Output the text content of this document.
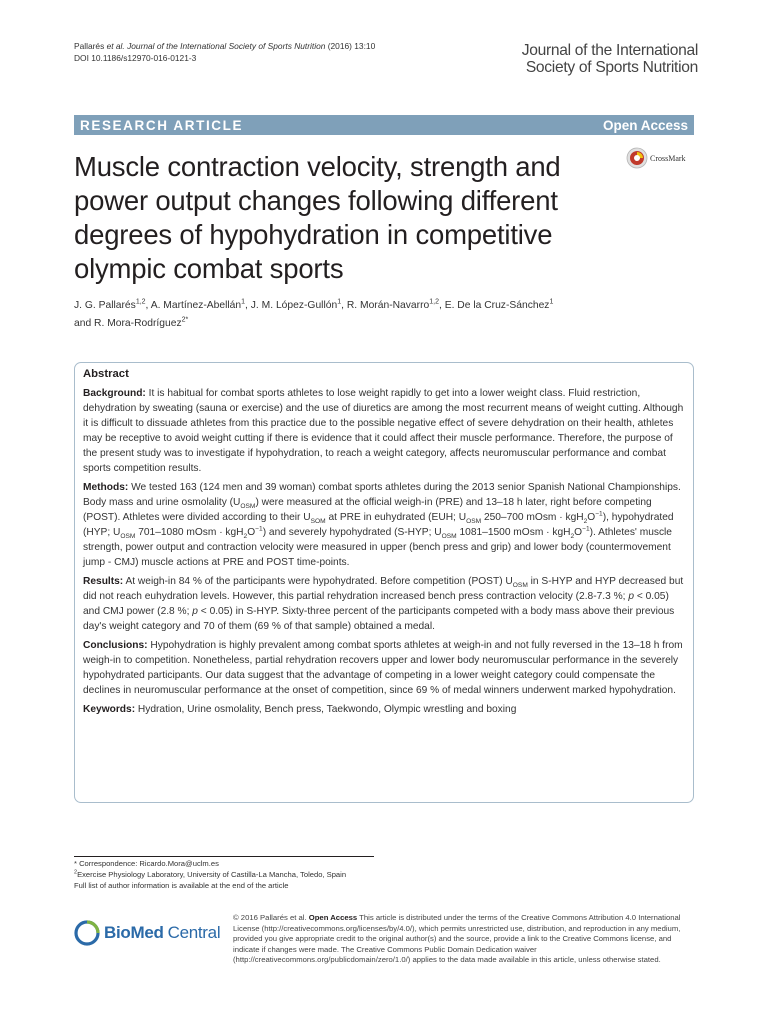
Pallarés et al. Journal of the International Society of Sports Nutrition (2016) 13:10
DOI 10.1186/s12970-016-0121-3	Journal of the International
Society of Sports Nutrition
RESEARCH ARTICLE	Open Access
CrossMark
Muscle contraction velocity, strength and power output changes following different degrees of hypohydration in competitive olympic combat sports
J. G. Pallarés$^{1,2}$, A. Martínez-Abellán$^1$, J. M. López-Gullón$^1$, R. Morán-Navarro$^{1,2}$, E. De la Cruz-Sánchez$^1$
and R. Mora-Rodríguez$^{2*}$
Abstract

Background: It is habitual for combat sports athletes to lose weight rapidly to get into a lower weight class. Fluid restriction, dehydration by sweating (sauna or exercise) and the use of diuretics are among the most recurrent means of weight cutting. Although it is difficult to dissuade athletes from this practice due to the possible negative effect of severe dehydration on their health, athletes may be receptive to avoid weight cutting if there is evidence that it could affect their muscle performance. Therefore, the purpose of the present study was to investigate if hypohydration, to reach a weight category, affects neuromuscular performance and combat sports competition results.

Methods: We tested 163 (124 men and 39 woman) combat sports athletes during the 2013 senior Spanish National Championships. Body mass and urine osmolality $(U_{OSM})$ were measured at the official weigh-in (PRE) and 13–18 h later, right before competing (POST). Athletes were divided according to their $U_{SOM}$ at PRE in euhydrated (EUH; $U_{OSM}$ 250–700 mOsm · $kgH_2O^{-1}$), hypohydrated (HYP; $U_{OSM}$ 701–1080 mOsm · $kgH_2O^{-1}$) and severely hypohydrated (S-HYP; $U_{OSM}$ 1081–1500 mOsm · $kgH_2O^{-1}$). Athletes' muscle strength, power output and contraction velocity were measured in upper (bench press and grip) and lower body (countermovement jump - CMJ) muscle actions at PRE and POST time-points.

Results: At weigh-in 84 % of the participants were hypohydrated. Before competition (POST) $U_{OSM}$ in S-HYP and HYP decreased but did not reach euhydration levels. However, this partial rehydration increased bench press contraction velocity (2.8-7.3 %; p < 0.05) and CMJ power (2.8 %; p < 0.05) in S-HYP. Sixty-three percent of the participants competed with a body mass above their previous day's weight category and 70 of them (69 % of that sample) obtained a medal.

Conclusions: Hypohydration is highly prevalent among combat sports athletes at weigh-in and not fully reversed in the 13–18 h from weigh-in to competition. Nonetheless, partial rehydration recovers upper and lower body neuromuscular performance in the severely hypohydrated participants. Our data suggest that the advantage of competing in a lower weight category could compensate the declines in neuromuscular performance at the onset of competition, since 69 % of medal winners underwent marked hypohydration.

Keywords: Hydration, Urine osmolality, Bench press, Taekwondo, Olympic wrestling and boxing

* Correspondence: Ricardo.Mora@uclm.es
$^2$Exercise Physiology Laboratory, University of Castilla-La Mancha, Toledo, Spain
Full list of author information is available at the end of the article
BioMed Central
© 2016 Pallarés et al. Open Access This article is distributed under the terms of the Creative Commons Attribution 4.0 International License (http://creativecommons.org/licenses/by/4.0/), which permits unrestricted use, distribution, and reproduction in any medium, provided you give appropriate credit to the original author(s) and the source, provide a link to the Creative Commons license, and indicate if changes were made. The Creative Commons Public Domain Dedication waiver (http://creativecommons.org/publicdomain/zero/1.0/) applies to the data made available in this article, unless otherwise stated.
